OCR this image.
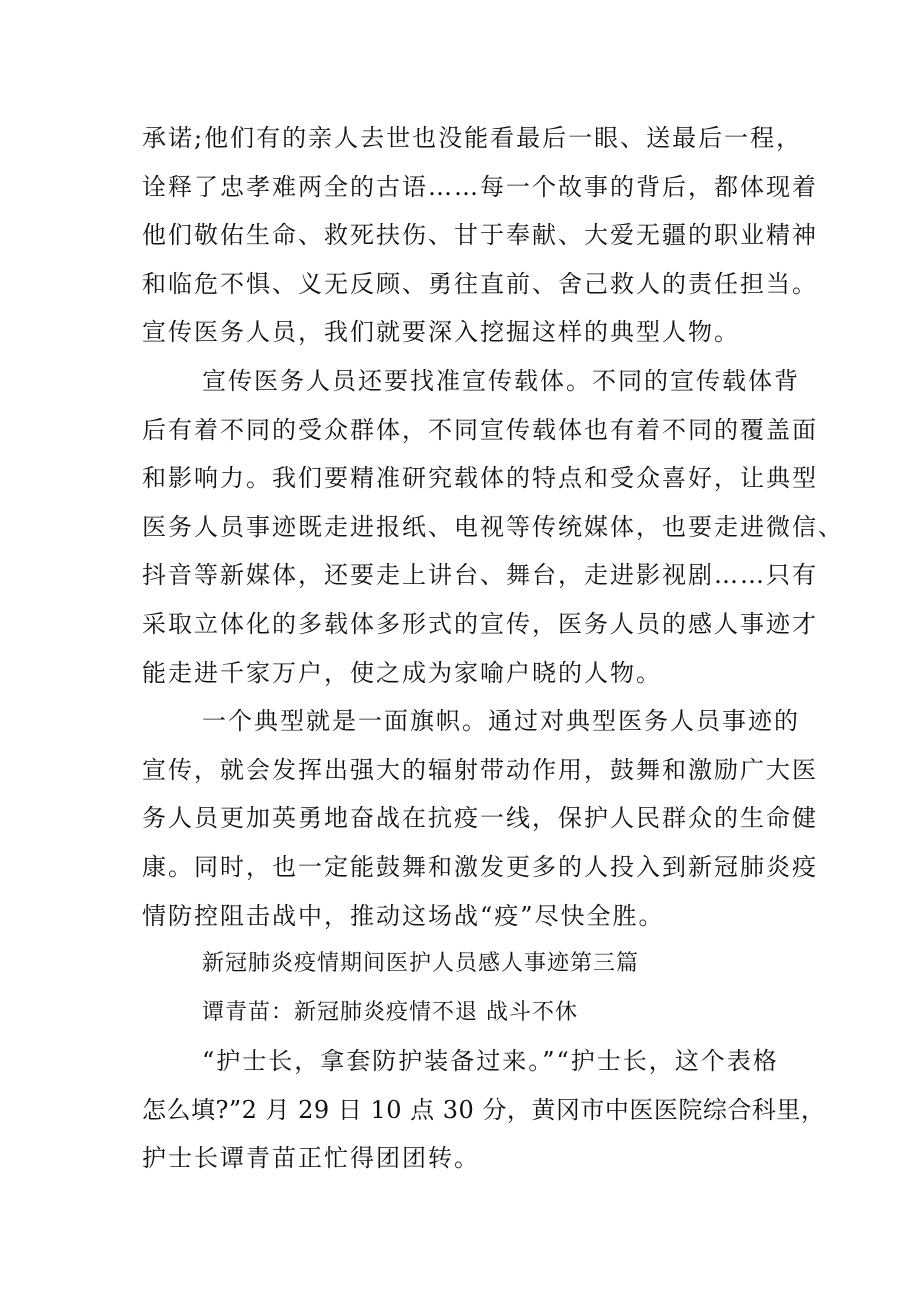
承诺;他们有的亲人去世也没能看最后一眼、送最后一程，
诠释了忠孝难两全的古语……每一个故事的背后，都体现着
他们敬佑生命、救死扶伤、甘于奉献、大爱无疆的职业精神
和临危不惧、义无反顾、勇往直前、舍己救人的责任担当。
宣传医务人员，我们就要深入挖掘这样的典型人物。
宣传医务人员还要找准宣传载体。不同的宣传载体背
后有着不同的受众群体，不同宣传载体也有着不同的覆盖面
和影响力。我们要精准研究载体的特点和受众喜好，让典型
医务人员事迹既走进报纸、电视等传统媒体，也要走进微信、
抖音等新媒体，还要走上讲台、舞台，走进影视剧……只有
采取立体化的多载体多形式的宣传，医务人员的感人事迹才
能走进千家万户，使之成为家喻户晓的人物。
一个典型就是一面旗帜。通过对典型医务人员事迹的
宣传，就会发挥出强大的辐射带动作用，鼓舞和激励广大医
务人员更加英勇地奋战在抗疫一线，保护人民群众的生命健
康。同时，也一定能鼓舞和激发更多的人投入到新冠肺炎疫
情防控阻击战中，推动这场战“疫”尽快全胜。
新冠肺炎疫情期间医护人员感人事迹第三篇
谭青苗：新冠肺炎疫情不退 战斗不休
“护士长，拿套防护装备过来。”“护士长，这个表格
怎么填?”2 月 29 日 10 点 30 分，黄冈市中医医院综合科里，
护士长谭青苗正忙得团团转。
